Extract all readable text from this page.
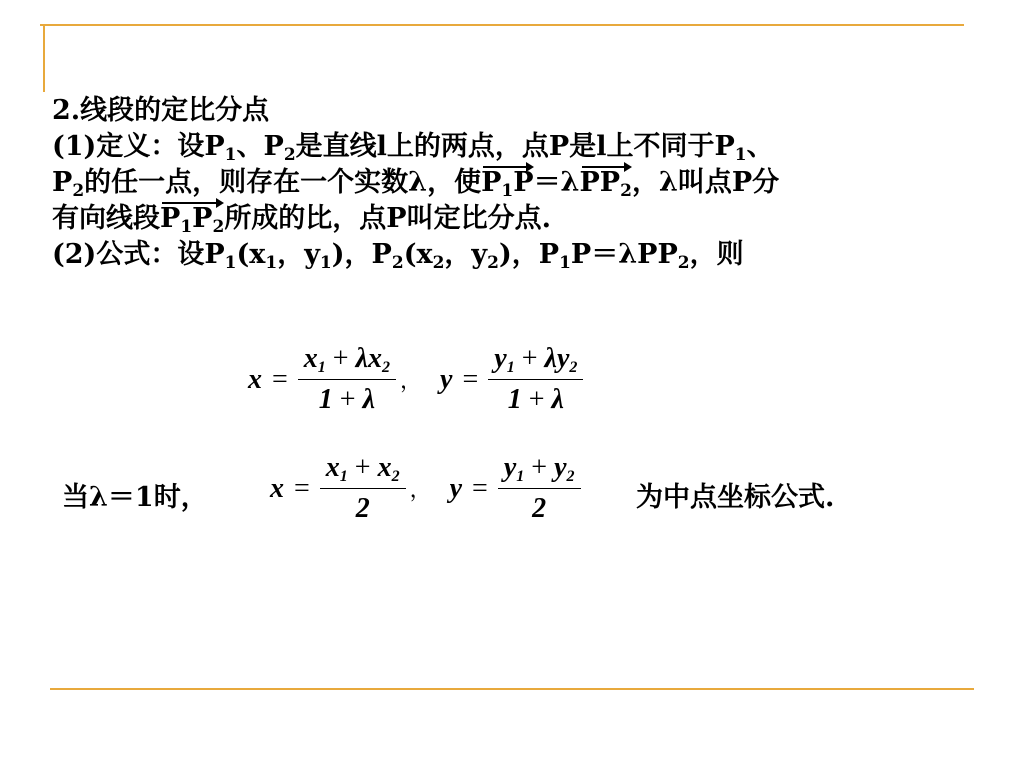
2.线段的定比分点
(1)定义：设$P_1$、$P_2$是直线l上的两点，点P是l上不同于$P_1$、
$P_2$的任一点，则存在一个实数λ，使$P_1P=\lambda PP_2$，λ叫点P分
有向线段$P_1P_2$所成的比，点P叫定比分点.
(2)公式：设$P_1(x_1$，$y_1$)，$P_2(x_2$，$y_2$)，$P_1P=\lambda PP_2$，则
$x = \frac{x_1 + \lambda x_2}{1 + \lambda}$ ， $y = \frac{y_1 + \lambda y_2}{1 + \lambda}$
当λ＝1时， $x = \frac{x_1 + x_2}{2}$ ， $y = \frac{y_1 + y_2}{2}$ 为中点坐标公式.
